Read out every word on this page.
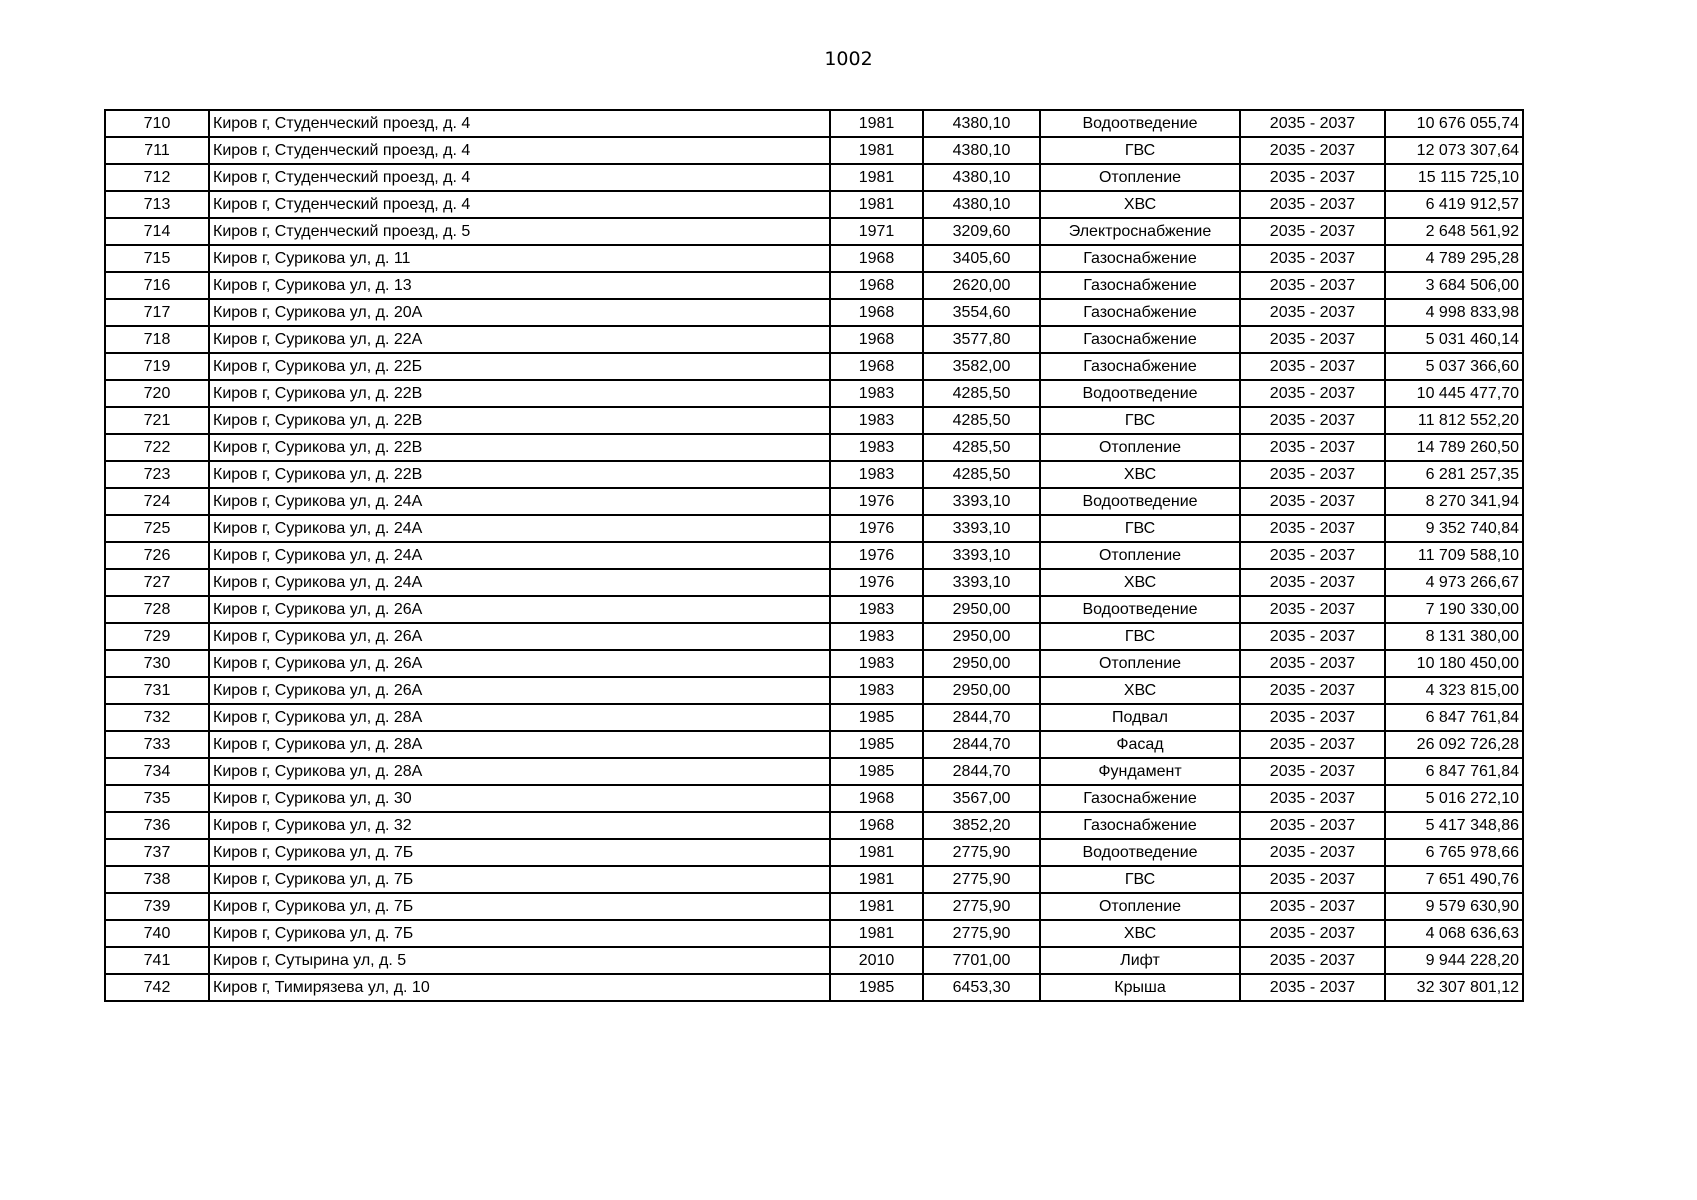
1002
710	Киров г, Студенческий проезд, д. 4	1981	4380,10	Водоотведение	2035 - 2037	10 676 055,74
711	Киров г, Студенческий проезд, д. 4	1981	4380,10	ГВС	2035 - 2037	12 073 307,64
712	Киров г, Студенческий проезд, д. 4	1981	4380,10	Отопление	2035 - 2037	15 115 725,10
713	Киров г, Студенческий проезд, д. 4	1981	4380,10	ХВС	2035 - 2037	6 419 912,57
714	Киров г, Студенческий проезд, д. 5	1971	3209,60	Электроснабжение	2035 - 2037	2 648 561,92
715	Киров г, Сурикова ул, д. 11	1968	3405,60	Газоснабжение	2035 - 2037	4 789 295,28
716	Киров г, Сурикова ул, д. 13	1968	2620,00	Газоснабжение	2035 - 2037	3 684 506,00
717	Киров г, Сурикова ул, д. 20А	1968	3554,60	Газоснабжение	2035 - 2037	4 998 833,98
718	Киров г, Сурикова ул, д. 22А	1968	3577,80	Газоснабжение	2035 - 2037	5 031 460,14
719	Киров г, Сурикова ул, д. 22Б	1968	3582,00	Газоснабжение	2035 - 2037	5 037 366,60
720	Киров г, Сурикова ул, д. 22В	1983	4285,50	Водоотведение	2035 - 2037	10 445 477,70
721	Киров г, Сурикова ул, д. 22В	1983	4285,50	ГВС	2035 - 2037	11 812 552,20
722	Киров г, Сурикова ул, д. 22В	1983	4285,50	Отопление	2035 - 2037	14 789 260,50
723	Киров г, Сурикова ул, д. 22В	1983	4285,50	ХВС	2035 - 2037	6 281 257,35
724	Киров г, Сурикова ул, д. 24А	1976	3393,10	Водоотведение	2035 - 2037	8 270 341,94
725	Киров г, Сурикова ул, д. 24А	1976	3393,10	ГВС	2035 - 2037	9 352 740,84
726	Киров г, Сурикова ул, д. 24А	1976	3393,10	Отопление	2035 - 2037	11 709 588,10
727	Киров г, Сурикова ул, д. 24А	1976	3393,10	ХВС	2035 - 2037	4 973 266,67
728	Киров г, Сурикова ул, д. 26А	1983	2950,00	Водоотведение	2035 - 2037	7 190 330,00
729	Киров г, Сурикова ул, д. 26А	1983	2950,00	ГВС	2035 - 2037	8 131 380,00
730	Киров г, Сурикова ул, д. 26А	1983	2950,00	Отопление	2035 - 2037	10 180 450,00
731	Киров г, Сурикова ул, д. 26А	1983	2950,00	ХВС	2035 - 2037	4 323 815,00
732	Киров г, Сурикова ул, д. 28А	1985	2844,70	Подвал	2035 - 2037	6 847 761,84
733	Киров г, Сурикова ул, д. 28А	1985	2844,70	Фасад	2035 - 2037	26 092 726,28
734	Киров г, Сурикова ул, д. 28А	1985	2844,70	Фундамент	2035 - 2037	6 847 761,84
735	Киров г, Сурикова ул, д. 30	1968	3567,00	Газоснабжение	2035 - 2037	5 016 272,10
736	Киров г, Сурикова ул, д. 32	1968	3852,20	Газоснабжение	2035 - 2037	5 417 348,86
737	Киров г, Сурикова ул, д. 7Б	1981	2775,90	Водоотведение	2035 - 2037	6 765 978,66
738	Киров г, Сурикова ул, д. 7Б	1981	2775,90	ГВС	2035 - 2037	7 651 490,76
739	Киров г, Сурикова ул, д. 7Б	1981	2775,90	Отопление	2035 - 2037	9 579 630,90
740	Киров г, Сурикова ул, д. 7Б	1981	2775,90	ХВС	2035 - 2037	4 068 636,63
741	Киров г, Сутырина ул, д. 5	2010	7701,00	Лифт	2035 - 2037	9 944 228,20
742	Киров г, Тимирязева ул, д. 10	1985	6453,30	Крыша	2035 - 2037	32 307 801,12
